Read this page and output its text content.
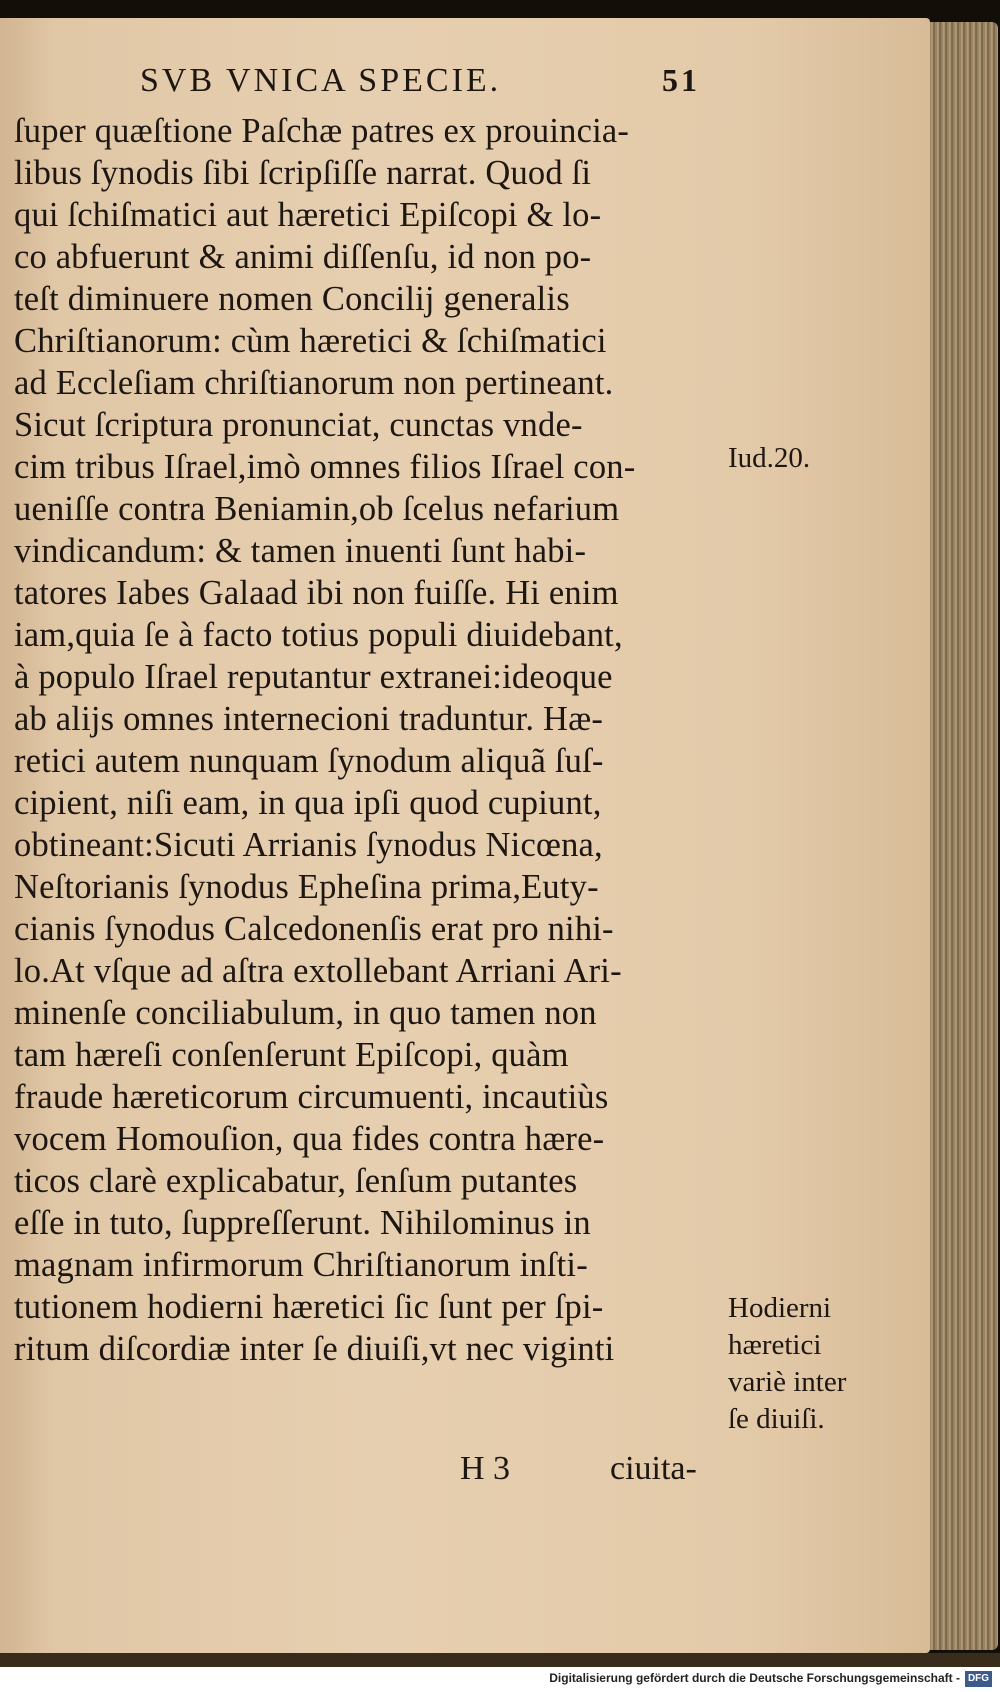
SVB VNICA SPECIE.	51
ſuper quæſtione Paſchæ patres ex prouincia-
libus ſynodis ſibi ſcripſiſſe narrat. Quod ſi
qui ſchiſmatici aut hæretici Epiſcopi & lo-
co abfuerunt & animi diſſenſu, id non po-
teſt diminuere nomen Concilij generalis
Chriſtianorum: cùm hæretici & ſchiſmatici
ad Eccleſiam chriſtianorum non pertineant.
Sicut ſcriptura pronunciat, cunctas vnde-
cim tribus Iſrael,imò omnes filios Iſrael con-
ueniſſe contra Beniamin,ob ſcelus nefarium
vindicandum: & tamen inuenti ſunt habi-
tatores Iabes Galaad ibi non fuiſſe. Hi enim
iam,quia ſe à facto totius populi diuidebant,
à populo Iſrael reputantur extranei:ideoque
ab alijs omnes internecioni traduntur. Hæ-
retici autem nunquam ſynodum aliquã ſuſ-
cipient, niſi eam, in qua ipſi quod cupiunt,
obtineant:Sicuti Arrianis ſynodus Nicœna,
Neſtorianis ſynodus Epheſina prima,Euty-
cianis ſynodus Calcedonenſis erat pro nihi-
lo.At vſque ad aſtra extollebant Arriani Ari-
minenſe conciliabulum, in quo tamen non
tam hæreſi conſenſerunt Epiſcopi, quàm
fraude hæreticorum circumuenti, incautiùs
vocem Homouſion, qua fides contra hære-
ticos clarè explicabatur, ſenſum putantes
eſſe in tuto, ſuppreſſerunt. Nihilominus in
magnam infirmorum Chriſtianorum inſti-
tutionem hodierni hæretici ſic ſunt per ſpi-
ritum diſcordiæ inter ſe diuiſi,vt nec viginti
H 3	ciuita-
Iud.20.
Hodierni
hæretici
variè inter
ſe diuiſi.
Digitalisierung gefördert durch die Deutsche Forschungsgemeinschaft - DFG
